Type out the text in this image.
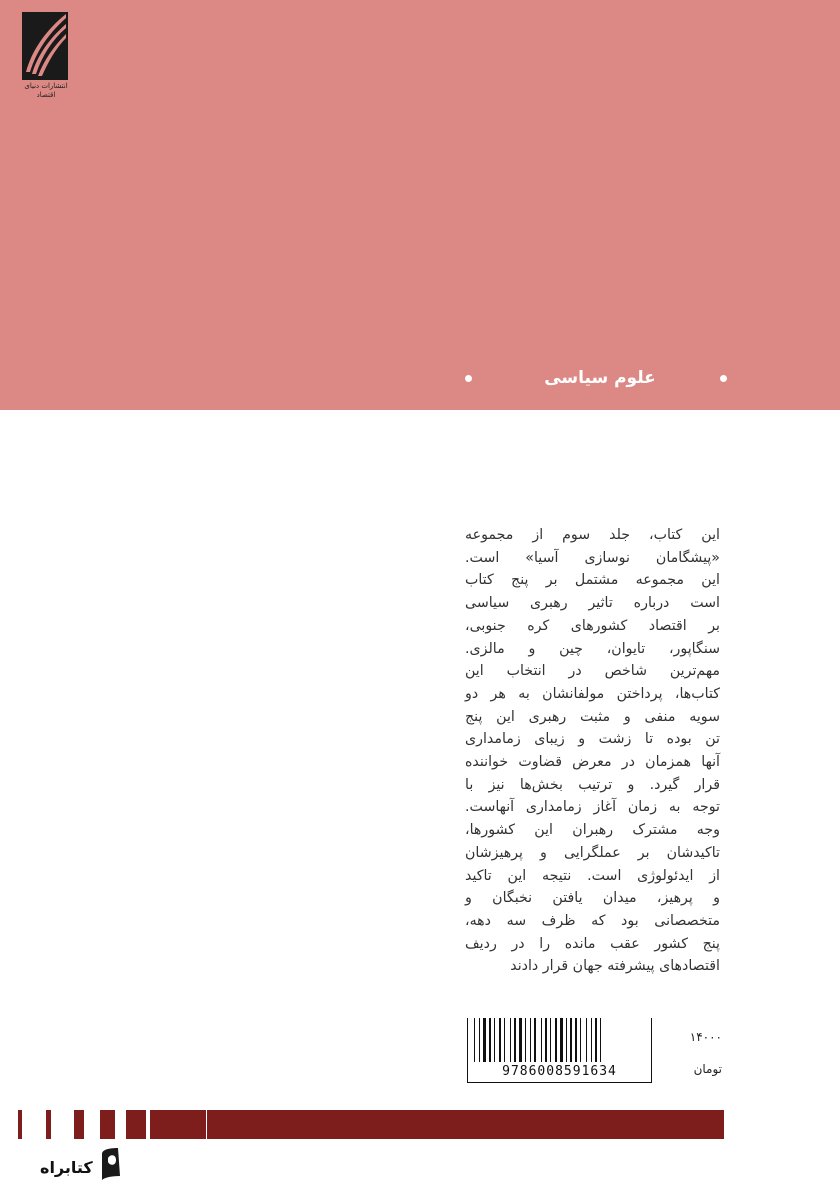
انتشارات دنیای اقتصاد
علوم سیاسی
این کتاب، جلد سوم از مجموعه
«پیشگامان نوسازی آسیا» است.
این مجموعه مشتمل بر پنج کتاب
است درباره تاثیر رهبری سیاسی
بر اقتصاد کشورهای کره جنوبی،
سنگاپور، تایوان، چین و مالزی.
مهم‌ترین شاخص در انتخاب این
کتاب‌ها، پرداختن مولفانشان به هر دو
سویه منفی و مثبت رهبری این پنج
تن بوده تا زشت و زیبای زمامداری
آنها همزمان در معرض قضاوت خواننده
قرار گیرد. و ترتیب بخش‌ها نیز با
توجه به زمان آغاز زمامداری آنهاست.
وجه مشترک رهبران این کشورها،
تاکیدشان بر عملگرایی و پرهیزشان
از ایدئولوژی است. نتیجه این تاکید
و پرهیز، میدان یافتن نخبگان و
متخصصانی بود که ظرف سه دهه،
پنج کشور عقب مانده را در ردیف
اقتصادهای پیشرفته جهان قرار دادند
9786008591634
۱۴۰۰۰
تومان
کتابراه
